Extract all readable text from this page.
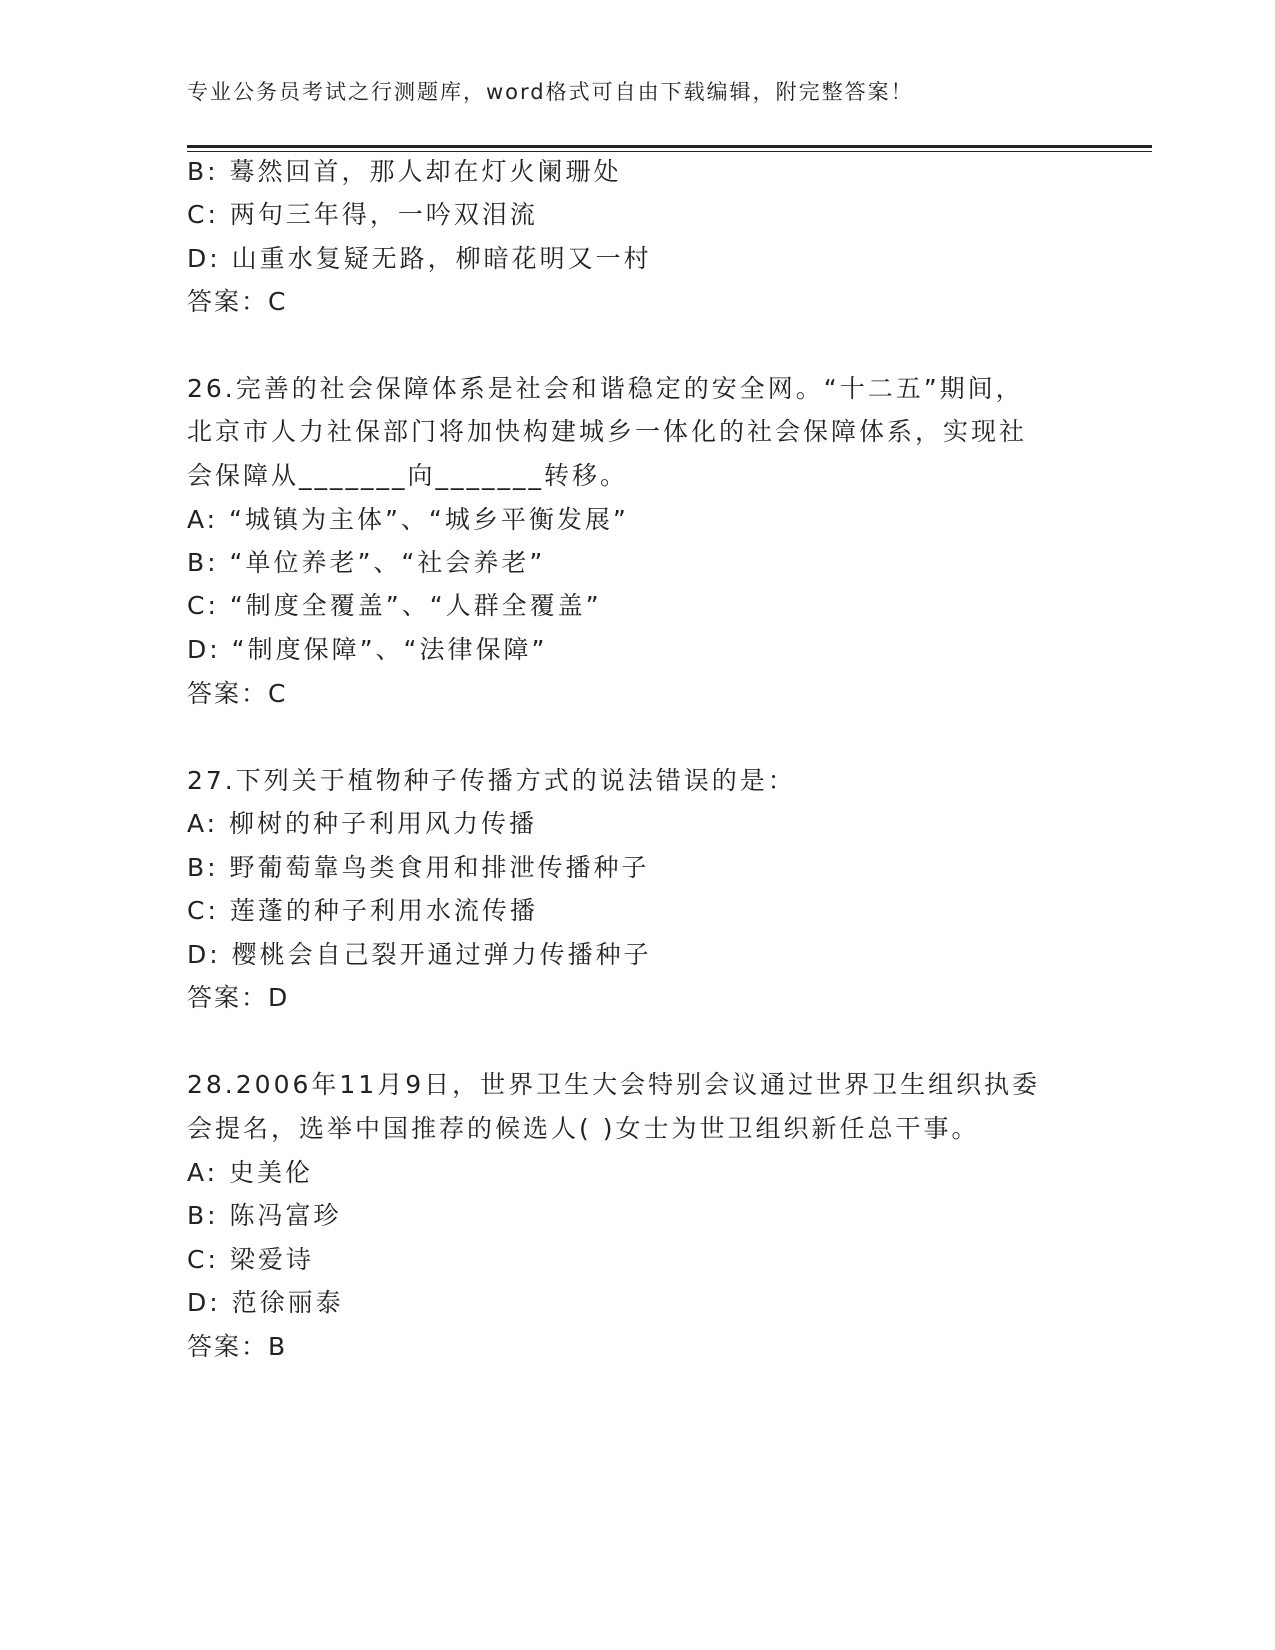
专业公务员考试之行测题库，word格式可自由下载编辑，附完整答案！
B: 蓦然回首，那人却在灯火阑珊处
C: 两句三年得，一吟双泪流
D: 山重水复疑无路，柳暗花明又一村
答案：C
26.完善的社会保障体系是社会和谐稳定的安全网。“十二五”期间，
北京市人力社保部门将加快构建城乡一体化的社会保障体系，实现社
会保障从_______向_______转移。
A: “城镇为主体”、“城乡平衡发展”
B: “单位养老”、“社会养老”
C: “制度全覆盖”、“人群全覆盖”
D: “制度保障”、“法律保障”
答案：C
27.下列关于植物种子传播方式的说法错误的是：
A: 柳树的种子利用风力传播
B: 野葡萄靠鸟类食用和排泄传播种子
C: 莲蓬的种子利用水流传播
D: 樱桃会自己裂开通过弹力传播种子
答案：D
28.2006年11月9日，世界卫生大会特别会议通过世界卫生组织执委
会提名，选举中国推荐的候选人( )女士为世卫组织新任总干事。
A: 史美伦
B: 陈冯富珍
C: 梁爱诗
D: 范徐丽泰
答案：B
